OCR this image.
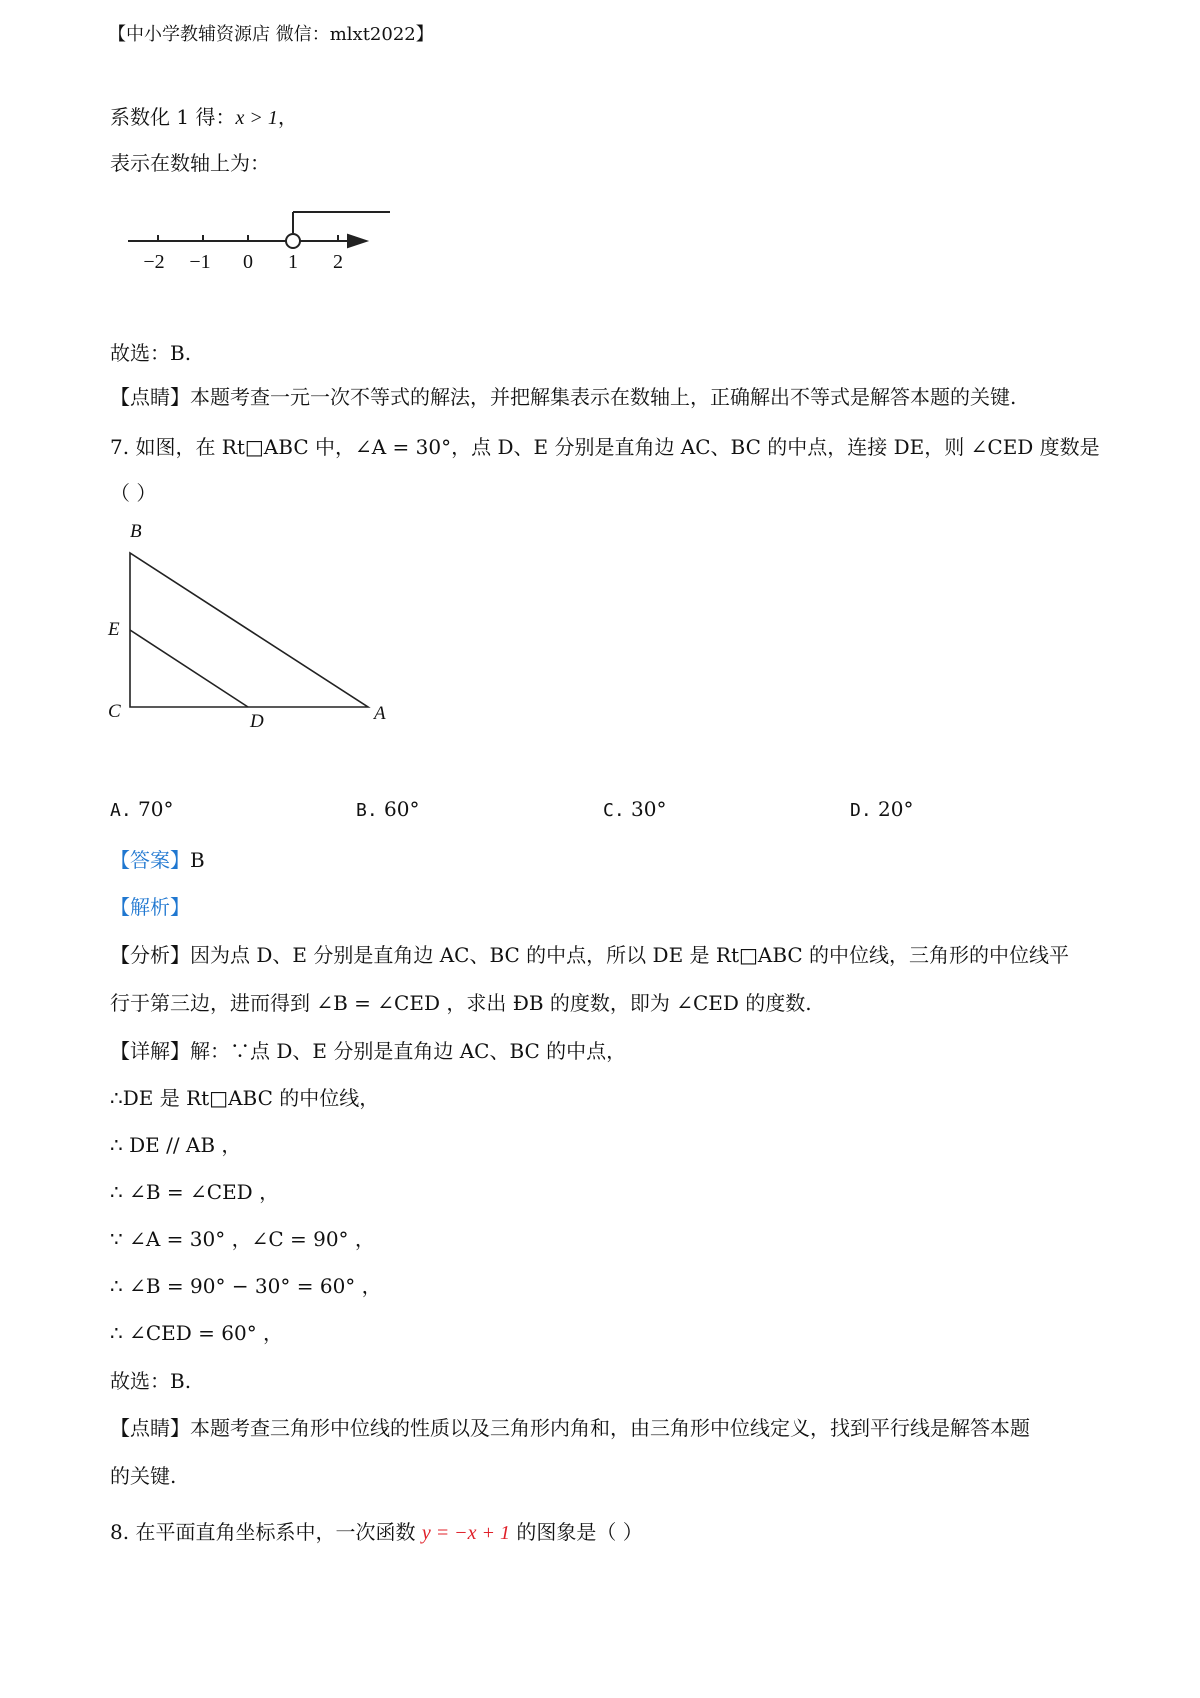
【中小学教辅资源店 微信：mlxt2022】
系数化 1 得：x > 1，
表示在数轴上为：
−2 −1 0 1 2
故选：B.
【点睛】本题考查一元一次不等式的解法，并把解集表示在数轴上，正确解出不等式是解答本题的关键.
7. 如图，在 Rt□ABC 中，∠A = 30°，点 D、E 分别是直角边 AC、BC 的中点，连接 DE，则 ∠CED 度数是
（ ）
B
E
C	D	A
A. 70°	B. 60°	C. 30°	D. 20°
【答案】B
【解析】
【分析】因为点 D、E 分别是直角边 AC、BC 的中点，所以 DE 是 Rt□ABC 的中位线，三角形的中位线平
行于第三边，进而得到 ∠B = ∠CED ，求出 ÐB 的度数，即为 ∠CED 的度数.
【详解】解：∵点 D、E 分别是直角边 AC、BC 的中点，
∴DE 是 Rt□ABC 的中位线，
∴ DE // AB ，
∴ ∠B = ∠CED ，
∵ ∠A = 30° ，∠C = 90° ，
∴ ∠B = 90° − 30° = 60° ，
∴ ∠CED = 60° ，
故选：B.
【点睛】本题考查三角形中位线的性质以及三角形内角和，由三角形中位线定义，找到平行线是解答本题
的关键.
8. 在平面直角坐标系中，一次函数 y = −x + 1 的图象是（ ）
